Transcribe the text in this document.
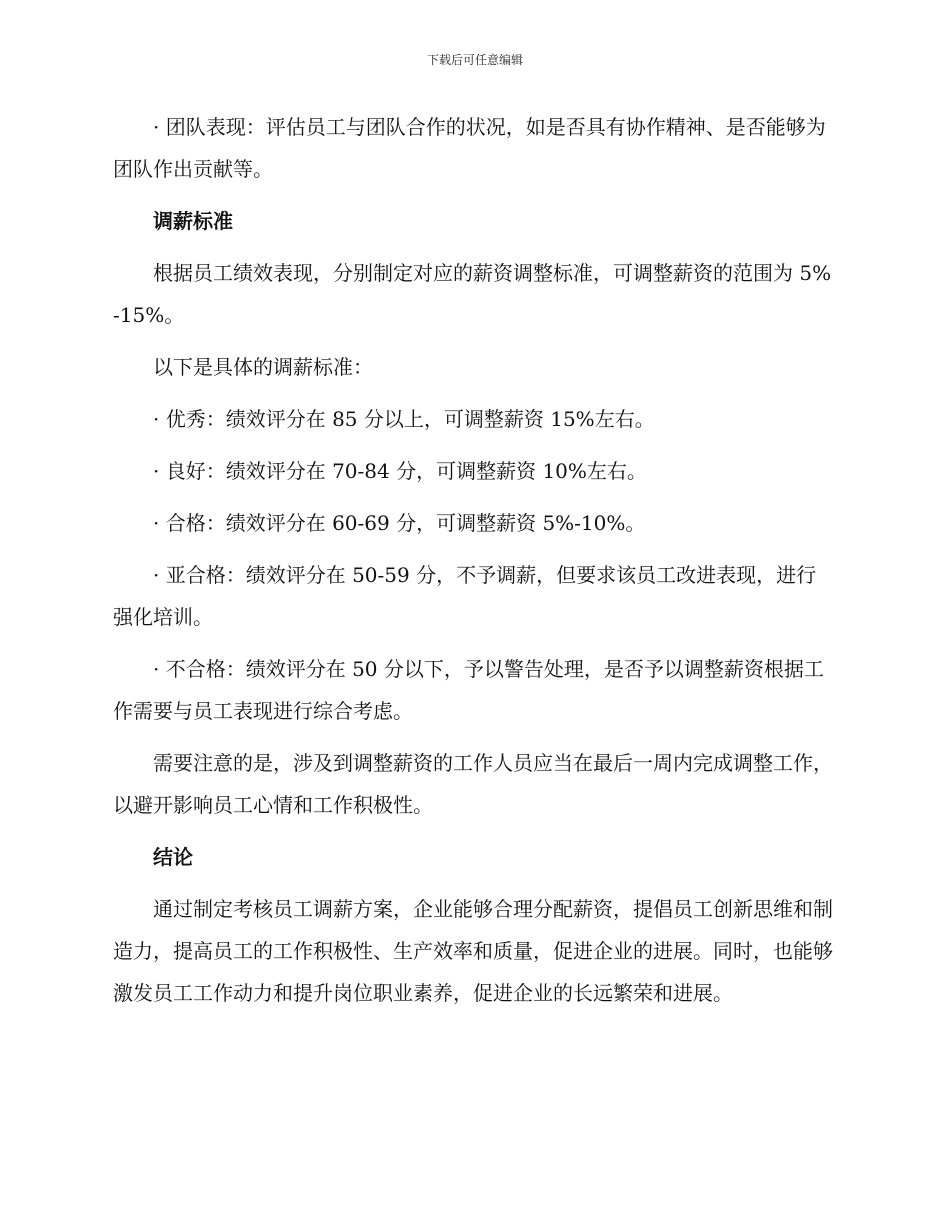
下载后可任意编辑

· 团队表现：评估员工与团队合作的状况，如是否具有协作精神、是否能够为团队作出贡献等。

调薪标准

根据员工绩效表现，分别制定对应的薪资调整标准，可调整薪资的范围为 5%-15%。

以下是具体的调薪标准：

· 优秀：绩效评分在 85 分以上，可调整薪资 15%左右。

· 良好：绩效评分在 70-84 分，可调整薪资 10%左右。

· 合格：绩效评分在 60-69 分，可调整薪资 5%-10%。

· 亚合格：绩效评分在 50-59 分，不予调薪，但要求该员工改进表现，进行强化培训。

· 不合格：绩效评分在 50 分以下，予以警告处理，是否予以调整薪资根据工作需要与员工表现进行综合考虑。

需要注意的是，涉及到调整薪资的工作人员应当在最后一周内完成调整工作，以避开影响员工心情和工作积极性。

结论

通过制定考核员工调薪方案，企业能够合理分配薪资，提倡员工创新思维和制造力，提高员工的工作积极性、生产效率和质量，促进企业的进展。同时，也能够激发员工工作动力和提升岗位职业素养，促进企业的长远繁荣和进展。
